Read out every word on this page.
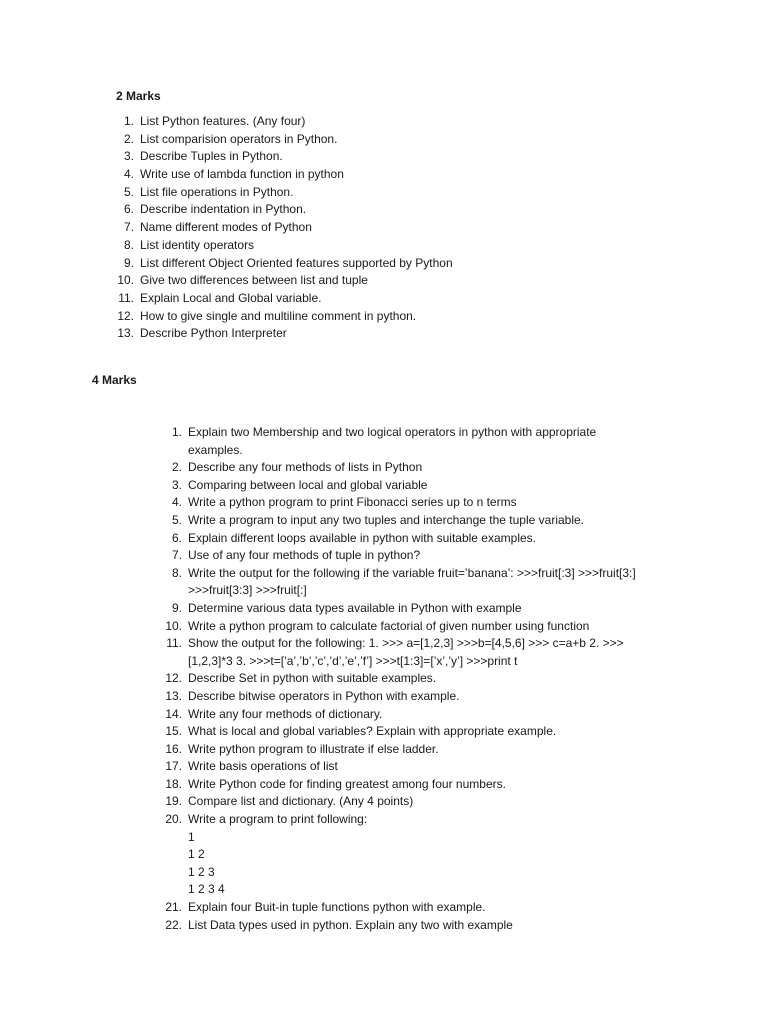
2 Marks
1. List Python features. (Any four)
2. List comparision operators in Python.
3. Describe Tuples in Python.
4. Write use of lambda function in python
5. List file operations in Python.
6. Describe indentation in Python.
7. Name different modes of Python
8. List identity operators
9. List different Object Oriented features supported by Python
10. Give two differences between list and tuple
11. Explain Local and Global variable.
12. How to give single and multiline comment in python.
13. Describe Python Interpreter
4 Marks
1. Explain two Membership and two logical operators in python with appropriate examples.
2. Describe any four methods of lists in Python
3. Comparing between local and global variable
4. Write a python program to print Fibonacci series up to n terms
5. Write a program to input any two tuples and interchange the tuple variable.
6. Explain different loops available in python with suitable examples.
7. Use of any four methods of tuple in python?
8. Write the output for the following if the variable fruit=’banana’: >>>fruit[:3] >>>fruit[3:] >>>fruit[3:3] >>>fruit[:]
9. Determine various data types available in Python with example
10. Write a python program to calculate factorial of given number using function
11. Show the output for the following: 1. >>> a=[1,2,3] >>>b=[4,5,6] >>> c=a+b 2. >>>[1,2,3]*3 3. >>>t=[’a’,’b’,’c’,’d’,’e’,’f’] >>>t[1:3]=[’x’,’y’] >>>print t
12. Describe Set in python with suitable examples.
13. Describe bitwise operators in Python with example.
14. Write any four methods of dictionary.
15. What is local and global variables? Explain with appropriate example.
16. Write python program to illustrate if else ladder.
17. Write basis operations of list
18. Write Python code for finding greatest among four numbers.
19. Compare list and dictionary. (Any 4 points)
20. Write a program to print following:
1
1 2
1 2 3
1 2 3 4
21. Explain four Buit-in tuple functions python with example.
22. List Data types used in python. Explain any two with example
